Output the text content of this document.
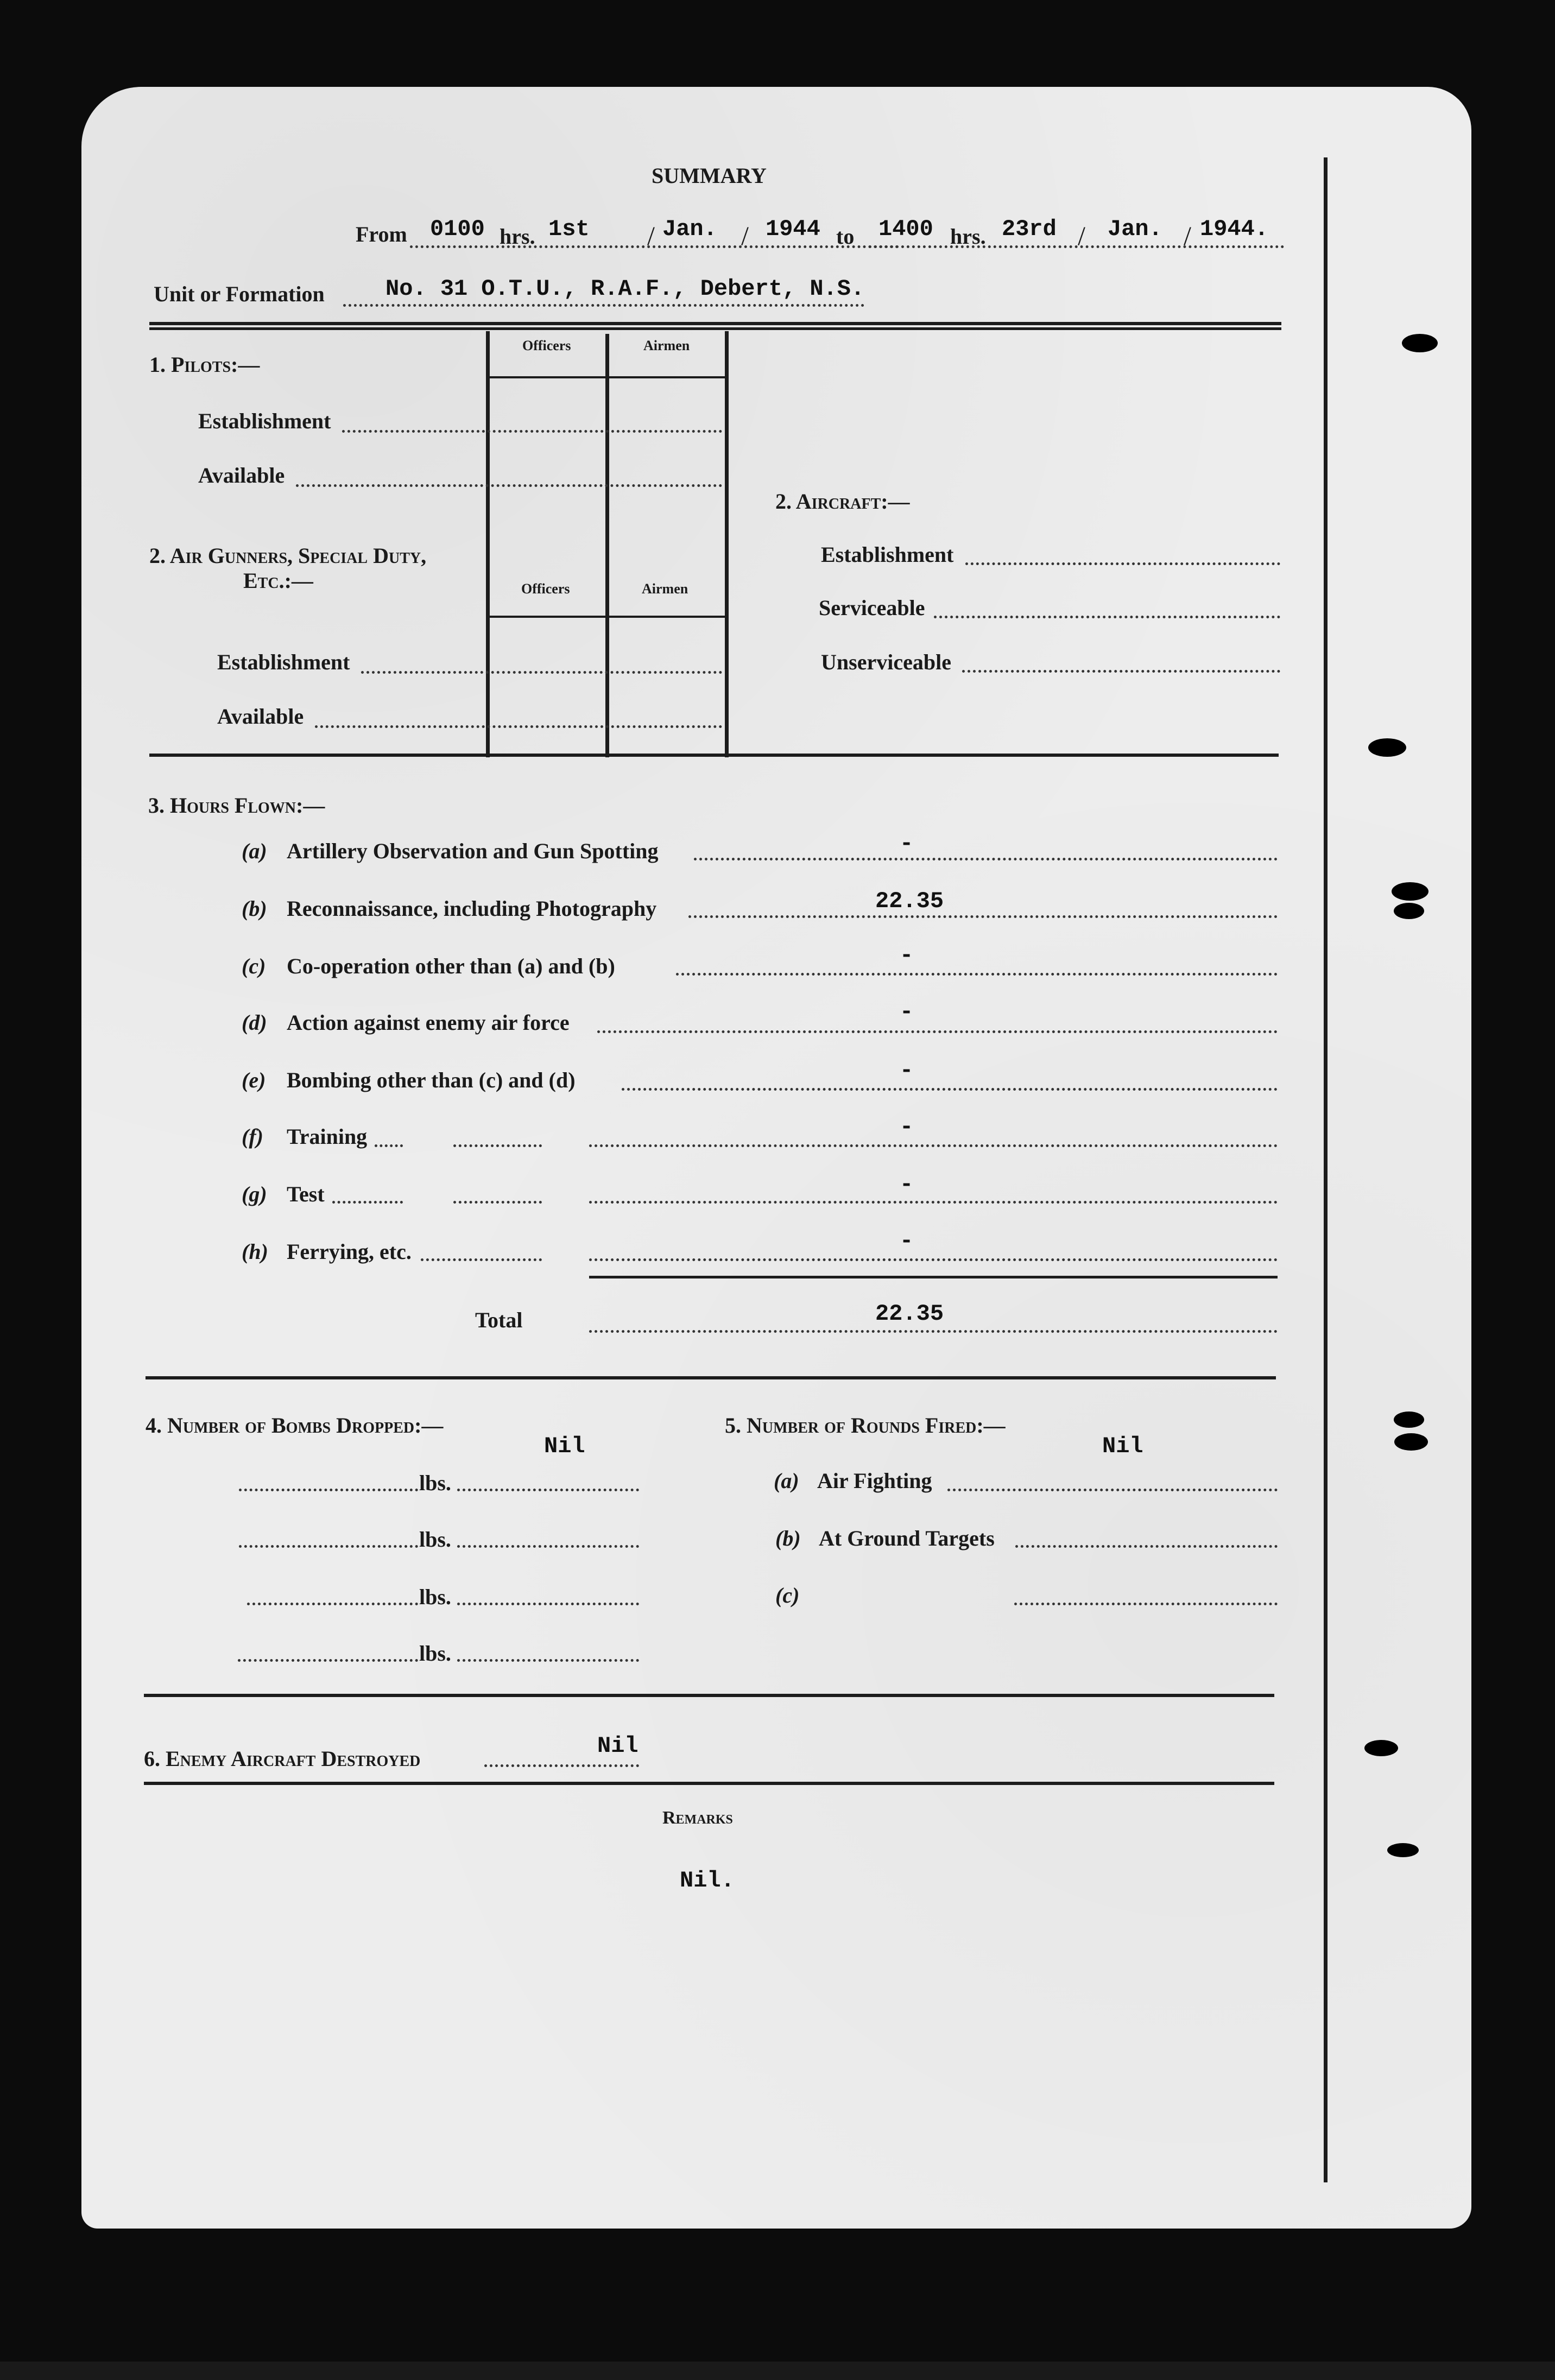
SUMMARY
From 0100 hrs. 1st / Jan. / 1944 to 1400 hrs. 23rd / Jan. / 1944.
Unit or Formation	No. 31 O.T.U., R.A.F., Debert, N.S.
Officers	Airmen
Officers	Airmen
1. Pilots:—
Establishment
Available
2. Air Gunners, Special Duty,
Etc.:—
Establishment
Available
2. Aircraft:—
Establishment
Serviceable
Unserviceable
3. Hours Flown:—
(a) Artillery Observation and Gun Spotting	-
(b) Reconnaissance, including Photography	22.35
(c) Co-operation other than (a) and (b)	-
(d) Action against enemy air force	-
(e) Bombing other than (c) and (d)	-
(f) Training	-
(g) Test	-
(h) Ferrying, etc.	-
Total	22.35
4. Number of Bombs Dropped:—
Nil
lbs.
lbs.
lbs.
lbs.
5. Number of Rounds Fired:—
Nil
(a) Air Fighting
(b) At Ground Targets
(c)
6. Enemy Aircraft Destroyed	Nil
Remarks
Nil.
